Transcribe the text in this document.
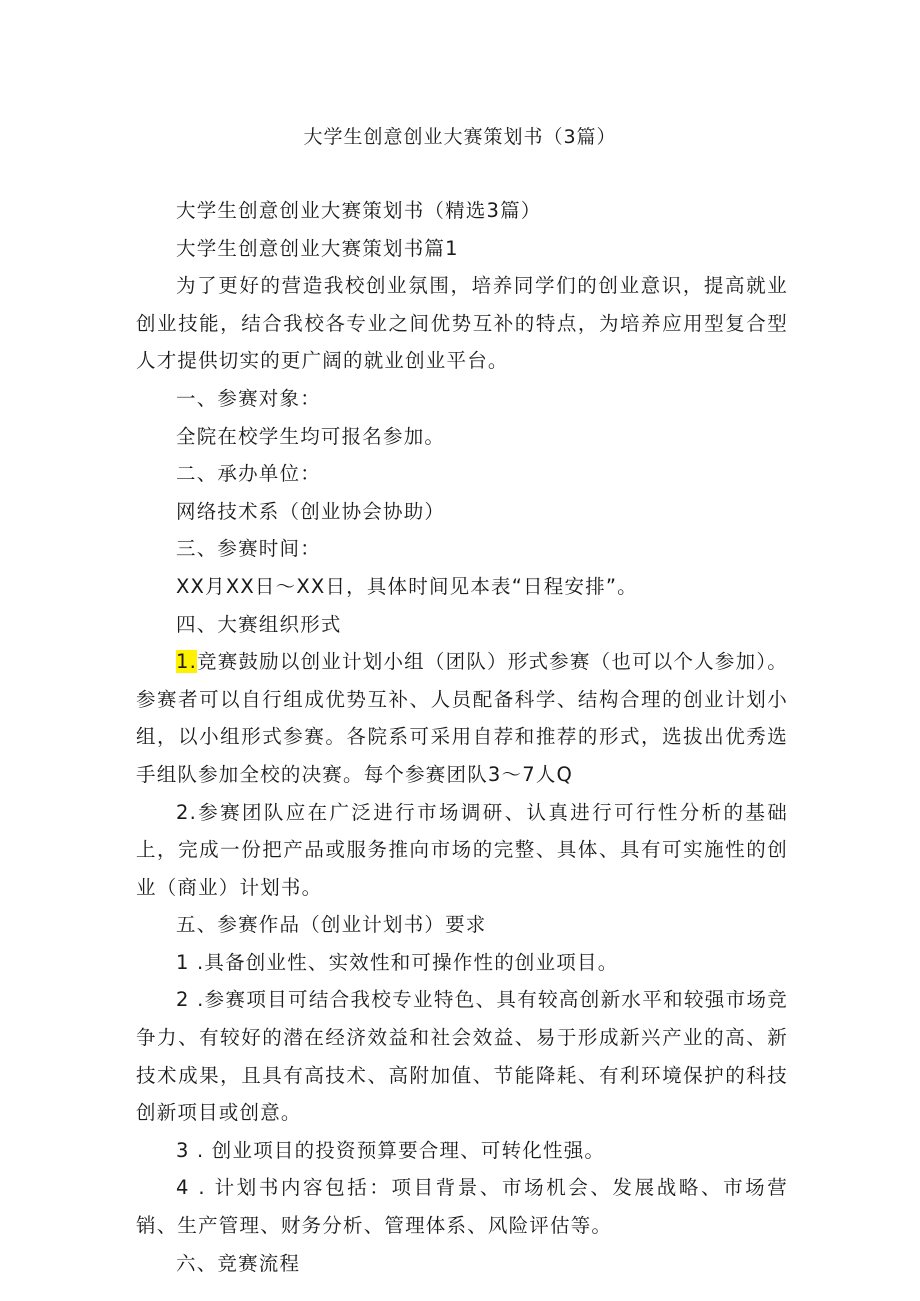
大学生创意创业大赛策划书（3篇）

大学生创意创业大赛策划书（精选3篇）

大学生创意创业大赛策划书篇1

为了更好的营造我校创业氛围，培养同学们的创业意识，提高就业创业技能，结合我校各专业之间优势互补的特点，为培养应用型复合型人才提供切实的更广阔的就业创业平台。

一、参赛对象：

全院在校学生均可报名参加。

二、承办单位：

网络技术系（创业协会协助）

三、参赛时间：

XX月XX日～XX日，具体时间见本表“日程安排”。

四、大赛组织形式

1.竞赛鼓励以创业计划小组（团队）形式参赛（也可以个人参加）。参赛者可以自行组成优势互补、人员配备科学、结构合理的创业计划小组，以小组形式参赛。各院系可采用自荐和推荐的形式，选拔出优秀选手组队参加全校的决赛。每个参赛团队3～7人Q

2.参赛团队应在广泛进行市场调研、认真进行可行性分析的基础上，完成一份把产品或服务推向市场的完整、具体、具有可实施性的创业（商业）计划书。

五、参赛作品（创业计划书）要求

1 .具备创业性、实效性和可操作性的创业项目。

2 .参赛项目可结合我校专业特色、具有较高创新水平和较强市场竞争力、有较好的潜在经济效益和社会效益、易于形成新兴产业的高、新技术成果，且具有高技术、高附加值、节能降耗、有利环境保护的科技创新项目或创意。

3 . 创业项目的投资预算要合理、可转化性强。

4 . 计划书内容包括：项目背景、市场机会、发展战略、市场营销、生产管理、财务分析、管理体系、风险评估等。

六、竞赛流程
